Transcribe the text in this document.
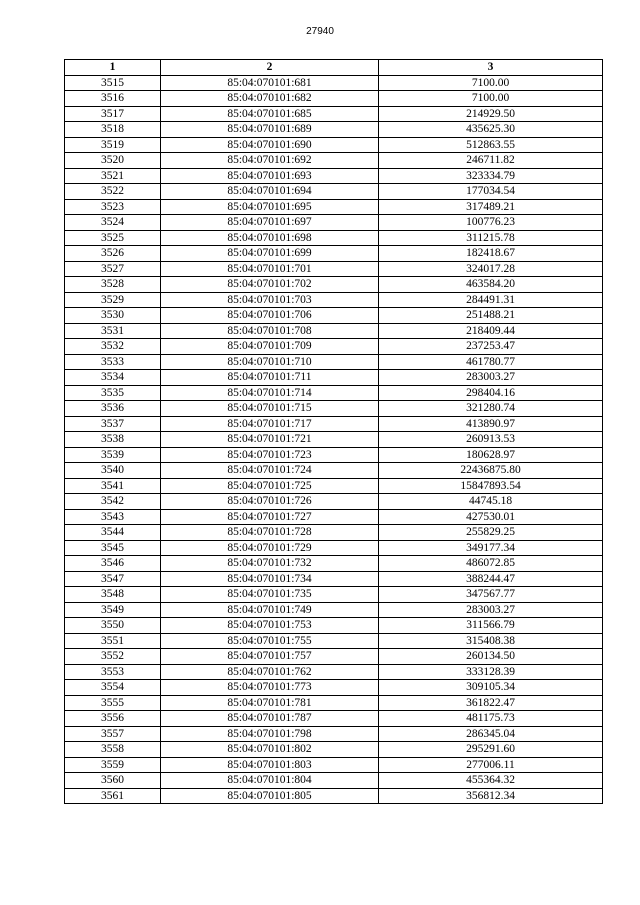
27940
1	2	3
3515	85:04:070101:681	7100.00
3516	85:04:070101:682	7100.00
3517	85:04:070101:685	214929.50
3518	85:04:070101:689	435625.30
3519	85:04:070101:690	512863.55
3520	85:04:070101:692	246711.82
3521	85:04:070101:693	323334.79
3522	85:04:070101:694	177034.54
3523	85:04:070101:695	317489.21
3524	85:04:070101:697	100776.23
3525	85:04:070101:698	311215.78
3526	85:04:070101:699	182418.67
3527	85:04:070101:701	324017.28
3528	85:04:070101:702	463584.20
3529	85:04:070101:703	284491.31
3530	85:04:070101:706	251488.21
3531	85:04:070101:708	218409.44
3532	85:04:070101:709	237253.47
3533	85:04:070101:710	461780.77
3534	85:04:070101:711	283003.27
3535	85:04:070101:714	298404.16
3536	85:04:070101:715	321280.74
3537	85:04:070101:717	413890.97
3538	85:04:070101:721	260913.53
3539	85:04:070101:723	180628.97
3540	85:04:070101:724	22436875.80
3541	85:04:070101:725	15847893.54
3542	85:04:070101:726	44745.18
3543	85:04:070101:727	427530.01
3544	85:04:070101:728	255829.25
3545	85:04:070101:729	349177.34
3546	85:04:070101:732	486072.85
3547	85:04:070101:734	388244.47
3548	85:04:070101:735	347567.77
3549	85:04:070101:749	283003.27
3550	85:04:070101:753	311566.79
3551	85:04:070101:755	315408.38
3552	85:04:070101:757	260134.50
3553	85:04:070101:762	333128.39
3554	85:04:070101:773	309105.34
3555	85:04:070101:781	361822.47
3556	85:04:070101:787	481175.73
3557	85:04:070101:798	286345.04
3558	85:04:070101:802	295291.60
3559	85:04:070101:803	277006.11
3560	85:04:070101:804	455364.32
3561	85:04:070101:805	356812.34
